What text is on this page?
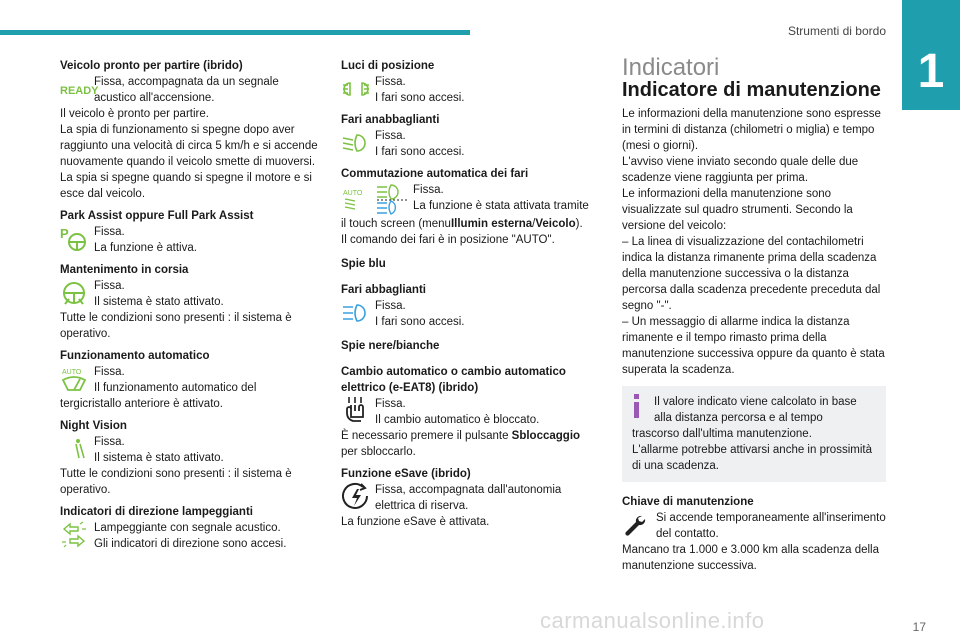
Strumenti di bordo
1
Veicolo pronto per partire (ibrido)
READY

Fissa, accompagnata da un segnale acustico all'accensione.

Il veicolo è pronto per partire.

La spia di funzionamento si spegne dopo aver raggiunto una velocità di circa 5 km/h e si accende nuovamente quando il veicolo smette di muoversi.

La spia si spegne quando si spegne il motore e si esce dal veicolo.

Park Assist oppure Full Park Assist
P Fissa.

La funzione è attiva.

Mantenimento in corsia

Fissa.

Il sistema è stato attivato.

Tutte le condizioni sono presenti : il sistema è operativo.

Funzionamento automatico
AUTO Fissa.

Il funzionamento automatico del

tergicristallo anteriore è attivato.

Night Vision

Fissa.

Il sistema è stato attivato.

Tutte le condizioni sono presenti : il sistema è operativo.

Indicatori di direzione lampeggianti

Lampeggiante con segnale acustico.

Gli indicatori di direzione sono accesi.

Luci di posizione

Fissa.

I fari sono accesi.

Fari anabbaglianti

Fissa.

I fari sono accesi.

Commutazione automatica dei fari
AUTO	Fissa.

La funzione è stata attivata tramite

il touch screen (menuIllumin esterna/Veicolo).

Il comando dei fari è in posizione "AUTO".

Spie blu
Fari abbaglianti

Fissa.

I fari sono accesi.

Spie nere/bianche
Cambio automatico o cambio automatico elettrico (e-EAT8) (ibrido)

Fissa.

Il cambio automatico è bloccato.

È necessario premere il pulsante Sbloccaggio

per sbloccarlo.

Funzione eSave (ibrido)

Fissa, accompagnata dall'autonomia elettrica di riserva.

La funzione eSave è attivata.

Indicatori
Indicatore di manutenzione

Le informazioni della manutenzione sono espresse in termini di distanza (chilometri o miglia) e tempo (mesi o giorni).

L'avviso viene inviato secondo quale delle due scadenze viene raggiunta per prima.

Le informazioni della manutenzione sono visualizzate sul quadro strumenti. Secondo la versione del veicolo:

– La linea di visualizzazione del contachilometri indica la distanza rimanente prima della scadenza della manutenzione successiva o la distanza percorsa dalla scadenza precedente preceduta dal segno "-".

– Un messaggio di allarme indica la distanza rimanente e il tempo rimasto prima della manutenzione successiva oppure da quanto è stata superata la scadenza.

Il valore indicato viene calcolato in base alla distanza percorsa e al tempo

trascorso dall'ultima manutenzione.

L'allarme potrebbe attivarsi anche in prossimità di una scadenza.

Chiave di manutenzione

Si accende temporaneamente all'inserimento del contatto.

Mancano tra 1.000 e 3.000 km alla scadenza della manutenzione successiva.

carmanualsonline.info	17
